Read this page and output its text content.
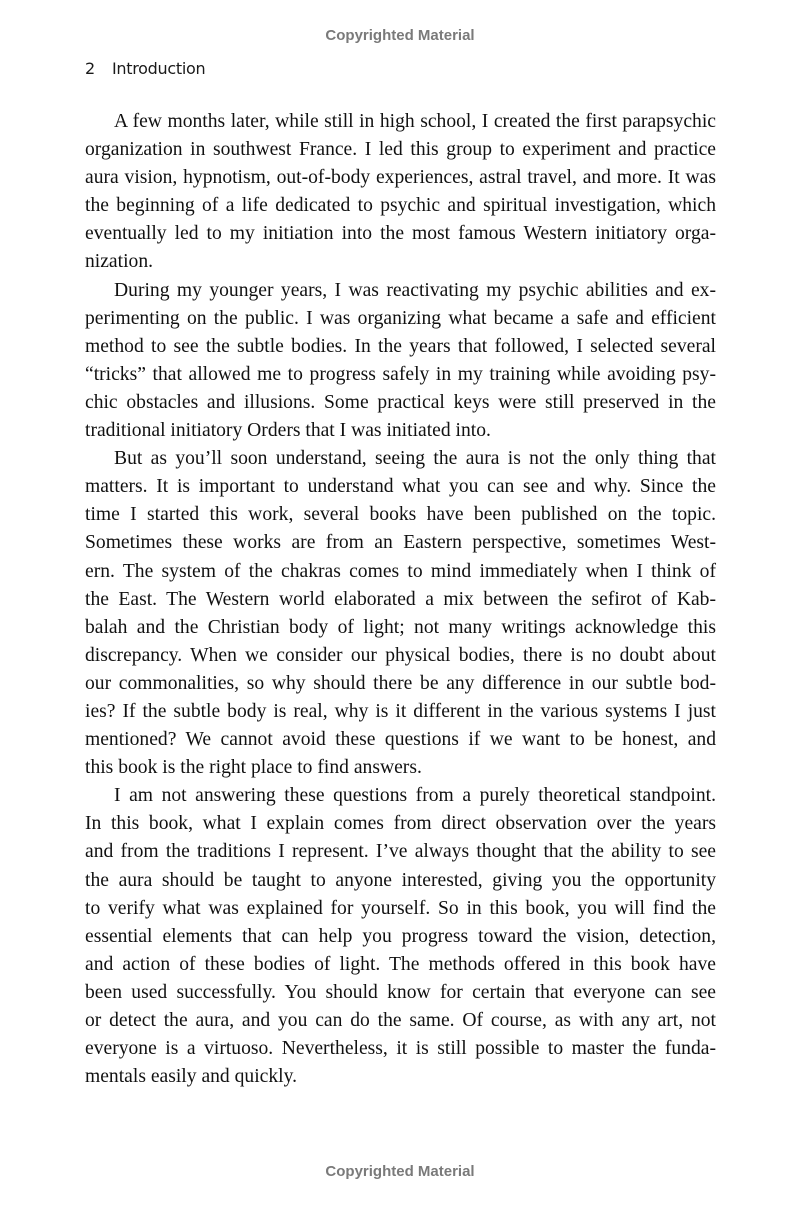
Copyrighted Material
2 Introduction
A few months later, while still in high school, I created the first parapsychic
organization in southwest France. I led this group to experiment and practice
aura vision, hypnotism, out-of-body experiences, astral travel, and more. It was
the beginning of a life dedicated to psychic and spiritual investigation, which
eventually led to my initiation into the most famous Western initiatory orga-
nization.
During my younger years, I was reactivating my psychic abilities and ex-
perimenting on the public. I was organizing what became a safe and efficient
method to see the subtle bodies. In the years that followed, I selected several
“tricks” that allowed me to progress safely in my training while avoiding psy-
chic obstacles and illusions. Some practical keys were still preserved in the
traditional initiatory Orders that I was initiated into.
But as you’ll soon understand, seeing the aura is not the only thing that
matters. It is important to understand what you can see and why. Since the
time I started this work, several books have been published on the topic.
Sometimes these works are from an Eastern perspective, sometimes West-
ern. The system of the chakras comes to mind immediately when I think of
the East. The Western world elaborated a mix between the sefirot of Kab-
balah and the Christian body of light; not many writings acknowledge this
discrepancy. When we consider our physical bodies, there is no doubt about
our commonalities, so why should there be any difference in our subtle bod-
ies? If the subtle body is real, why is it different in the various systems I just
mentioned? We cannot avoid these questions if we want to be honest, and
this book is the right place to find answers.
I am not answering these questions from a purely theoretical standpoint.
In this book, what I explain comes from direct observation over the years
and from the traditions I represent. I’ve always thought that the ability to see
the aura should be taught to anyone interested, giving you the opportunity
to verify what was explained for yourself. So in this book, you will find the
essential elements that can help you progress toward the vision, detection,
and action of these bodies of light. The methods offered in this book have
been used successfully. You should know for certain that everyone can see
or detect the aura, and you can do the same. Of course, as with any art, not
everyone is a virtuoso. Nevertheless, it is still possible to master the funda-
mentals easily and quickly.
Copyrighted Material
